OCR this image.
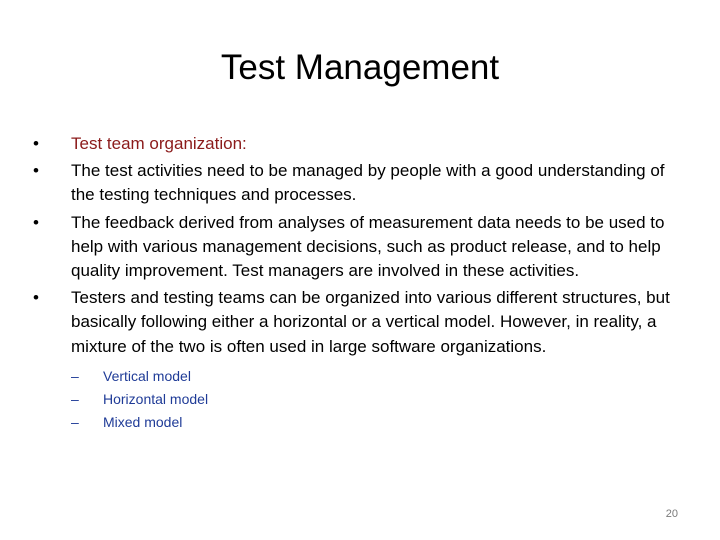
Test Management
• Test team organization:
• The test activities need to be managed by people with a good understanding of the testing techniques and processes.
• The feedback derived from analyses of measurement data needs to be used to help with various management decisions, such as product release, and to help quality improvement. Test managers are involved in these activities.
• Testers and testing teams can be organized into various different structures, but basically following either a horizontal or a vertical model. However, in reality, a mixture of the two is often used in large software organizations.
– Vertical model
– Horizontal model
– Mixed model
20
